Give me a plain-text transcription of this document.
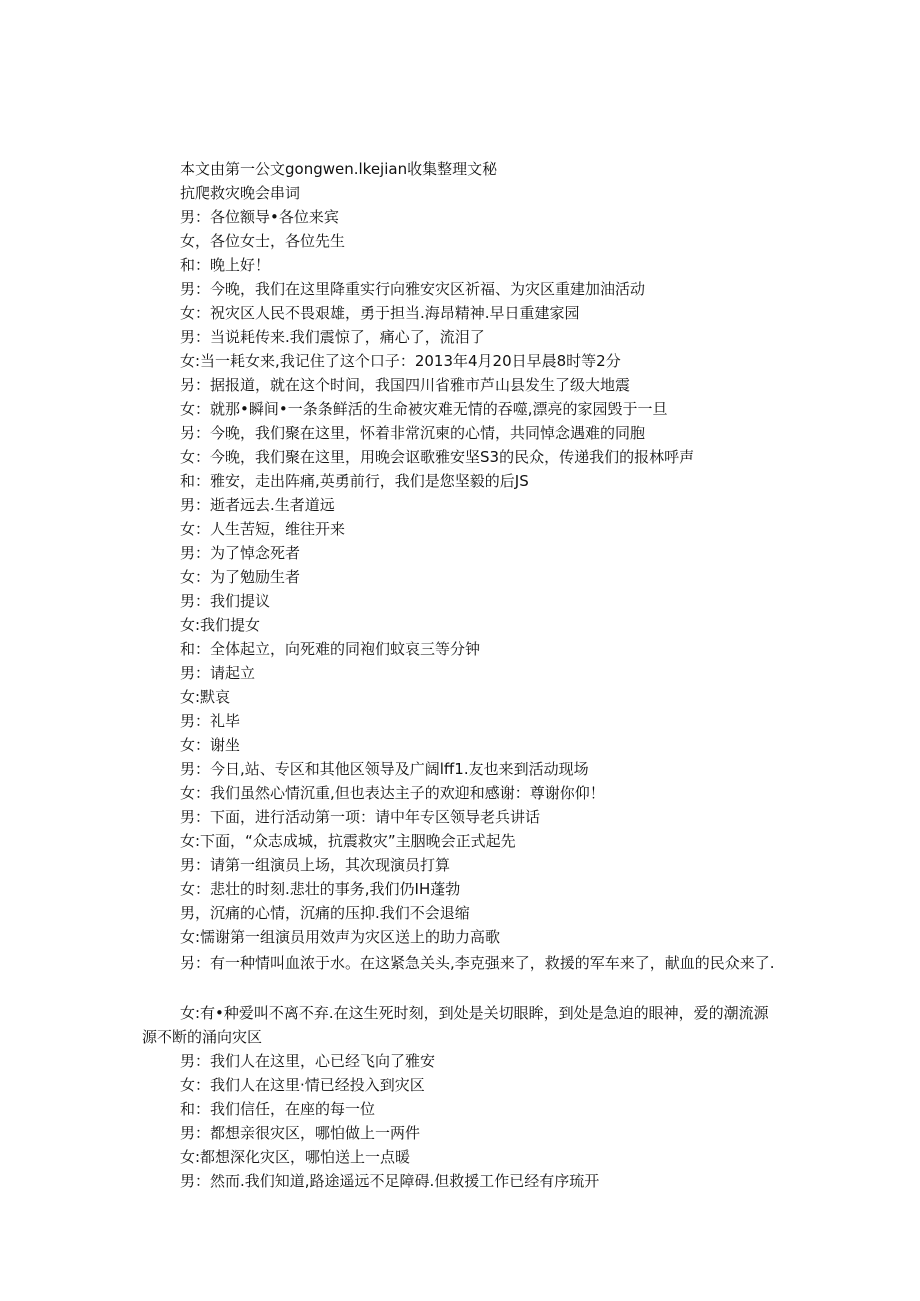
本文由第一公文gongwen.lkejian收集整理文秘
抗爬救灾晚会串词
男：各位额导•各位来宾
女，各位女士，各位先生
和：晚上好！
男：今晚，我们在这里降重实行向雅安灾区祈福、为灾区重建加油活动
女：祝灾区人民不畏艰雄，勇于担当.海昂精神.早日重建家园
男：当说耗传来.我们震惊了，痛心了，流泪了
女:当一耗女来,我记住了这个口子：2013年4月20日早晨8时等2分
另：据报道，就在这个时间，我国四川省雅市芦山县发生了级大地震
女：就那•瞬间•一条条鲜活的生命被灾难无情的吞噬,漂亮的家园毁于一旦
另：今晚，我们聚在这里，怀着非常沉柬的心情，共同悼念遇难的同胞
女：今晚，我们聚在这里，用晚会讴歌雅安坚S3的民众，传递我们的报林呼声
和：雅安，走出阵痛,英勇前行，我们是您坚毅的后JS
男：逝者远去.生者道远
女：人生苦短，维往开来
男：为了悼念死者
女：为了勉励生者
男：我们提议
女:我们提女
和：全体起立，向死难的同袍们蚊哀三等分钟
男：请起立
女:默哀
男：礼毕
女：谢坐
男：今日,站、专区和其他区领导及广阔lff1.友也来到活动现场
女：我们虽然心情沉重,但也表达主子的欢迎和感谢：尊谢你仰！
男：下面，进行活动第一项：请中年专区领导老兵讲话
女:下面，“众志成城，抗震救灾”主胭晚会正式起先
男：请第一组演员上场，其次现演员打算
女：悲壮的时刻.悲壮的事务,我们仍IH蓬勃
男，沉痛的心情，沉痛的压抑.我们不会退缩
女:懦谢第一组演员用效声为灾区送上的助力高歌
另：有一种情叫血浓于水。在这紧急关头,李克强来了，救援的军车来了，献血的民众来了.
女:有•种爱叫不离不弃.在这生死时刻，到处是关切眼眸，到处是急迫的眼神，爱的潮流源源不断的涌向灾区
男：我们人在这里，心已经飞向了雅安
女：我们人在这里·情已经投入到灾区
和：我们信任，在座的每一位
男：都想亲很灾区，哪怕做上一两件
女:都想深化灾区，哪怕送上一点暖
男：然而.我们知道,路途遥远不足障碍.但救援工作已经有序琉开
